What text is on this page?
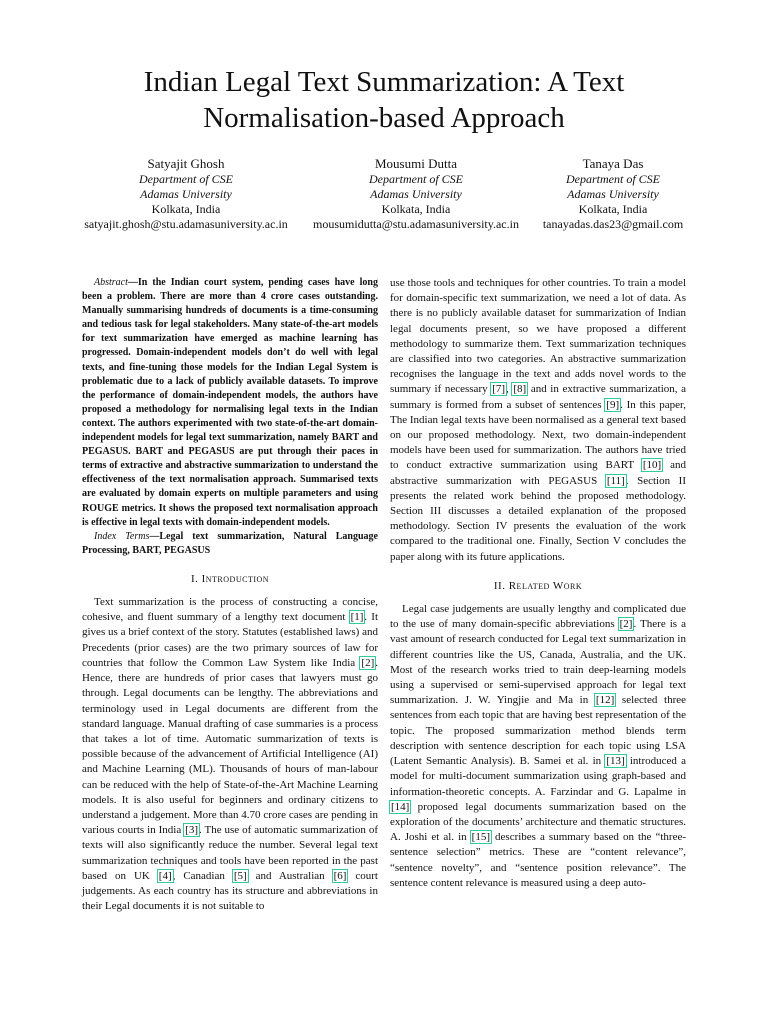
Indian Legal Text Summarization: A Text
Normalisation-based Approach
Satyajit Ghosh
Department of CSE
Adamas University
Kolkata, India
satyajit.ghosh@stu.adamasuniversity.ac.in
Mousumi Dutta
Department of CSE
Adamas University
Kolkata, India
mousumidutta@stu.adamasuniversity.ac.in
Tanaya Das
Department of CSE
Adamas University
Kolkata, India
tanayadas.das23@gmail.com

Abstract—In the Indian court system, pending cases have long been a problem. There are more than 4 crore cases outstanding. Manually summarising hundreds of documents is a time-consuming and tedious task for legal stakeholders. Many state-of-the-art models for text summarization have emerged as machine learning has progressed. Domain-independent models don’t do well with legal texts, and fine-tuning those models for the Indian Legal System is problematic due to a lack of publicly available datasets. To improve the performance of domain-independent models, the authors have proposed a methodology for normalising legal texts in the Indian context. The authors experimented with two state-of-the-art domain-independent models for legal text summarization, namely BART and PEGASUS. BART and PEGASUS are put through their paces in terms of extractive and abstractive summarization to understand the effectiveness of the text normalisation approach. Summarised texts are evaluated by domain experts on multiple parameters and using ROUGE metrics. It shows the proposed text normalisation approach is effective in legal texts with domain-independent models.

Index Terms—Legal text summarization, Natural Language Processing, BART, PEGASUS

I. Introduction

Text summarization is the process of constructing a concise, cohesive, and fluent summary of a lengthy text document [1]. It gives us a brief context of the story. Statutes (established laws) and Precedents (prior cases) are the two primary sources of law for countries that follow the Common Law System like India [2]. Hence, there are hundreds of prior cases that lawyers must go through. Legal documents can be lengthy. The abbreviations and terminology used in Legal documents are different from the standard language. Manual drafting of case summaries is a process that takes a lot of time. Automatic summarization of texts is possible because of the advancement of Artificial Intelligence (AI) and Machine Learning (ML). Thousands of hours of man-labour can be reduced with the help of State-of-the-Art Machine Learning models. It is also useful for beginners and ordinary citizens to understand a judgement. More than 4.70 crore cases are pending in various courts in India [3]. The use of automatic summarization of texts will also significantly reduce the number. Several legal text summarization techniques and tools have been reported in the past based on UK [4], Canadian [5] and Australian [6] court judgements. As each country has its structure and abbreviations in their Legal documents it is not suitable to

use those tools and techniques for other countries. To train a model for domain-specific text summarization, we need a lot of data. As there is no publicly available dataset for summarization of Indian legal documents present, so we have proposed a different methodology to summarize them. Text summarization techniques are classified into two categories. An abstractive summarization recognises the language in the text and adds novel words to the summary if necessary [7], [8] and in extractive summarization, a summary is formed from a subset of sentences [9]. In this paper, The Indian legal texts have been normalised as a general text based on our proposed methodology. Next, two domain-independent models have been used for summarization. The authors have tried to conduct extractive summarization using BART [10] and abstractive summarization with PEGASUS [11]. Section II presents the related work behind the proposed methodology. Section III discusses a detailed explanation of the proposed methodology. Section IV presents the evaluation of the work compared to the traditional one. Finally, Section V concludes the paper along with its future applications.

II. Related Work

Legal case judgements are usually lengthy and complicated due to the use of many domain-specific abbreviations [2]. There is a vast amount of research conducted for Legal text summarization in different countries like the US, Canada, Australia, and the UK. Most of the research works tried to train deep-learning models using a supervised or semi-supervised approach for legal text summarization. J. W. Yingjie and Ma in [12] selected three sentences from each topic that are having best representation of the topic. The proposed summarization method blends term description with sentence description for each topic using LSA (Latent Semantic Analysis). B. Samei et al. in [13] introduced a model for multi-document summarization using graph-based and information-theoretic concepts. A. Farzindar and G. Lapalme in [14] proposed legal documents summarization based on the exploration of the documents’ architecture and thematic structures. A. Joshi et al. in [15] describes a summary based on the “three-sentence selection” metrics. These are “content relevance”, “sentence novelty”, and “sentence position relevance”. The sentence content relevance is measured using a deep auto-
